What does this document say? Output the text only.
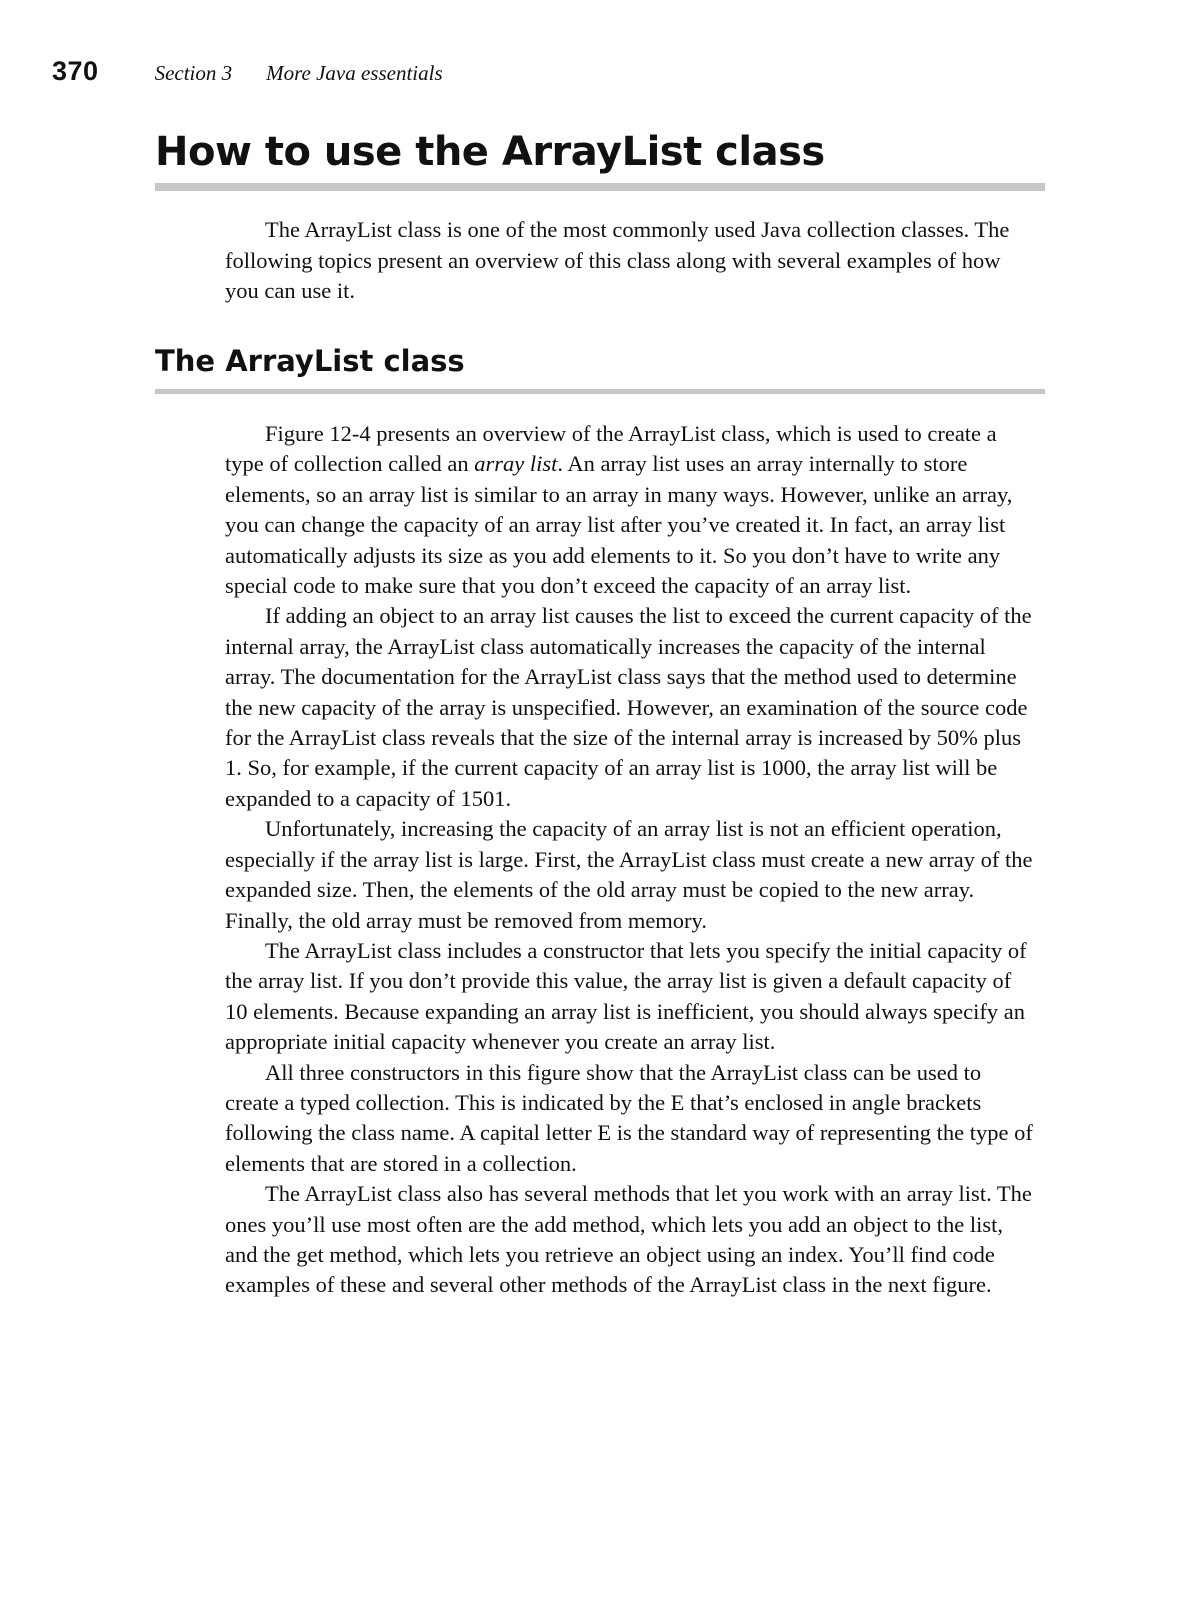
370	Section 3 More Java essentials
How to use the ArrayList class

The ArrayList class is one of the most commonly used Java collection classes. The following topics present an overview of this class along with several examples of how you can use it.

The ArrayList class

Figure 12-4 presents an overview of the ArrayList class, which is used to create a type of collection called an array list. An array list uses an array internally to store elements, so an array list is similar to an array in many ways. However, unlike an array, you can change the capacity of an array list after you’ve created it. In fact, an array list automatically adjusts its size as you add elements to it. So you don’t have to write any special code to make sure that you don’t exceed the capacity of an array list.

If adding an object to an array list causes the list to exceed the current capacity of the internal array, the ArrayList class automatically increases the capacity of the internal array. The documentation for the ArrayList class says that the method used to determine the new capacity of the array is unspecified. However, an examination of the source code for the ArrayList class reveals that the size of the internal array is increased by 50% plus 1. So, for example, if the current capacity of an array list is 1000, the array list will be expanded to a capacity of 1501.

Unfortunately, increasing the capacity of an array list is not an efficient operation, especially if the array list is large. First, the ArrayList class must create a new array of the expanded size. Then, the elements of the old array must be copied to the new array. Finally, the old array must be removed from memory.

The ArrayList class includes a constructor that lets you specify the initial capacity of the array list. If you don’t provide this value, the array list is given a default capacity of 10 elements. Because expanding an array list is inefficient, you should always specify an appropriate initial capacity whenever you create an array list.

All three constructors in this figure show that the ArrayList class can be used to create a typed collection. This is indicated by the E that’s enclosed in angle brackets following the class name. A capital letter E is the standard way of representing the type of elements that are stored in a collection.

The ArrayList class also has several methods that let you work with an array list. The ones you’ll use most often are the add method, which lets you add an object to the list, and the get method, which lets you retrieve an object using an index. You’ll find code examples of these and several other methods of the ArrayList class in the next figure.
